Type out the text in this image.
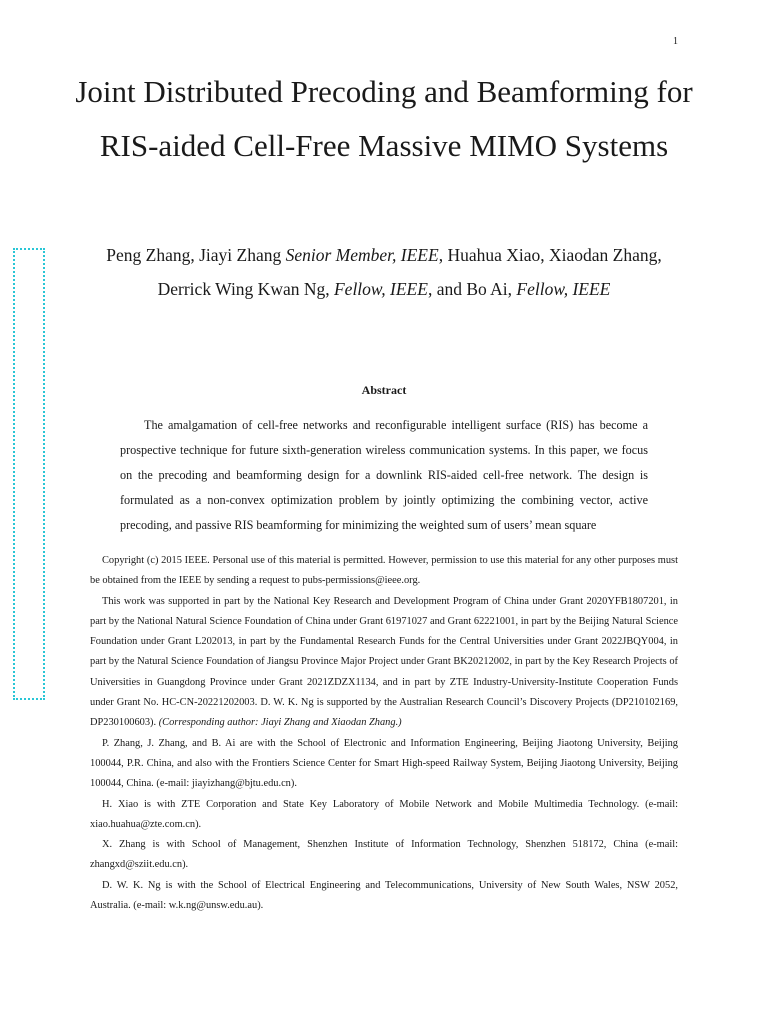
1
Joint Distributed Precoding and Beamforming for RIS-aided Cell-Free Massive MIMO Systems
Peng Zhang, Jiayi Zhang Senior Member, IEEE, Huahua Xiao, Xiaodan Zhang,
Derrick Wing Kwan Ng, Fellow, IEEE, and Bo Ai, Fellow, IEEE
Abstract

The amalgamation of cell-free networks and reconfigurable intelligent surface (RIS) has become a prospective technique for future sixth-generation wireless communication systems. In this paper, we focus on the precoding and beamforming design for a downlink RIS-aided cell-free network. The design is formulated as a non-convex optimization problem by jointly optimizing the combining vector, active precoding, and passive RIS beamforming for minimizing the weighted sum of users’ mean square

Copyright (c) 2015 IEEE. Personal use of this material is permitted. However, permission to use this material for any other purposes must be obtained from the IEEE by sending a request to pubs-permissions@ieee.org.

This work was supported in part by the National Key Research and Development Program of China under Grant 2020YFB1807201, in part by the National Natural Science Foundation of China under Grant 61971027 and Grant 62221001, in part by the Beijing Natural Science Foundation under Grant L202013, in part by the Fundamental Research Funds for the Central Universities under Grant 2022JBQY004, in part by the Natural Science Foundation of Jiangsu Province Major Project under Grant BK20212002, in part by the Key Research Projects of Universities in Guangdong Province under Grant 2021ZDZX1134, and in part by ZTE Industry-University-Institute Cooperation Funds under Grant No. HC-CN-20221202003. D. W. K. Ng is supported by the Australian Research Council’s Discovery Projects (DP210102169, DP230100603). (Corresponding author: Jiayi Zhang and Xiaodan Zhang.)

P. Zhang, J. Zhang, and B. Ai are with the School of Electronic and Information Engineering, Beijing Jiaotong University, Beijing 100044, P.R. China, and also with the Frontiers Science Center for Smart High-speed Railway System, Beijing Jiaotong University, Beijing 100044, China. (e-mail: jiayizhang@bjtu.edu.cn).

H. Xiao is with ZTE Corporation and State Key Laboratory of Mobile Network and Mobile Multimedia Technology. (e-mail: xiao.huahua@zte.com.cn).

X. Zhang is with School of Management, Shenzhen Institute of Information Technology, Shenzhen 518172, China (e-mail: zhangxd@sziit.edu.cn).

D. W. K. Ng is with the School of Electrical Engineering and Telecommunications, University of New South Wales, NSW 2052, Australia. (e-mail: w.k.ng@unsw.edu.au).
